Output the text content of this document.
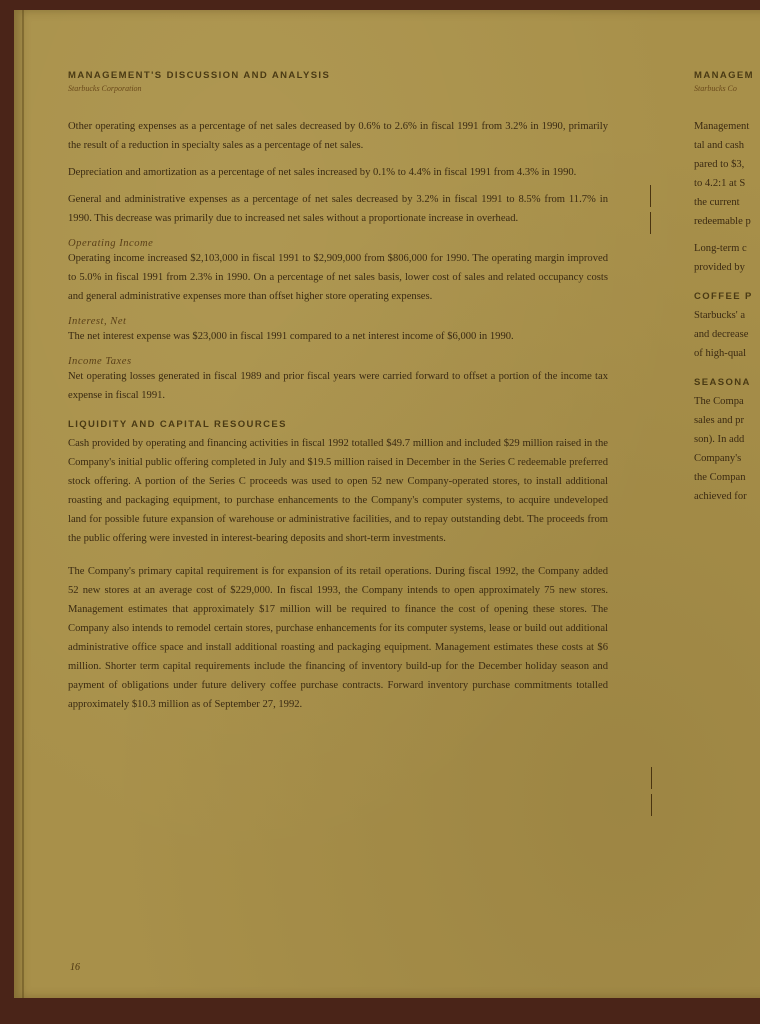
MANAGEMENT'S DISCUSSION AND ANALYSIS
Starbucks Corporation

Other operating expenses as a percentage of net sales decreased by 0.6% to 2.6% in fiscal 1991 from 3.2% in 1990, primarily the result of a reduction in specialty sales as a percentage of net sales.

Depreciation and amortization as a percentage of net sales increased by 0.1% to 4.4% in fiscal 1991 from 4.3% in 1990.

General and administrative expenses as a percentage of net sales decreased by 3.2% in fiscal 1991 to 8.5% from 11.7% in 1990. This decrease was primarily due to increased net sales without a proportionate increase in overhead.

Operating Income

Operating income increased $2,103,000 in fiscal 1991 to $2,909,000 from $806,000 for 1990. The operating margin improved to 5.0% in fiscal 1991 from 2.3% in 1990. On a percentage of net sales basis, lower cost of sales and related occupancy costs and general administrative expenses more than offset higher store operating expenses.

Interest, Net

The net interest expense was $23,000 in fiscal 1991 compared to a net interest income of $6,000 in 1990.

Income Taxes

Net operating losses generated in fiscal 1989 and prior fiscal years were carried forward to offset a portion of the income tax expense in fiscal 1991.

LIQUIDITY AND CAPITAL RESOURCES

Cash provided by operating and financing activities in fiscal 1992 totalled $49.7 million and included $29 million raised in the Company's initial public offering completed in July and $19.5 million raised in December in the Series C redeemable preferred stock offering. A portion of the Series C proceeds was used to open 52 new Company-operated stores, to install additional roasting and packaging equipment, to purchase enhancements to the Company's computer systems, to acquire undeveloped land for possible future expansion of warehouse or administrative facilities, and to repay outstanding debt. The proceeds from the public offering were invested in interest-bearing deposits and short-term investments.

The Company's primary capital requirement is for expansion of its retail operations. During fiscal 1992, the Company added 52 new stores at an average cost of $229,000. In fiscal 1993, the Company intends to open approximately 75 new stores. Management estimates that approximately $17 million will be required to finance the cost of opening these stores. The Company also intends to remodel certain stores, purchase enhancements for its computer systems, lease or build out additional administrative office space and install additional roasting and packaging equipment. Management estimates these costs at $6 million. Shorter term capital requirements include the financing of inventory build-up for the December holiday season and payment of obligations under future delivery coffee purchase contracts. Forward inventory purchase commitments totalled approximately $10.3 million as of September 27, 1992.

16
MANAGEM
Starbucks Co
Management
tal and cash
pared to $3,
to 4.2:1 at S
the current
redeemable p
Long-term c
provided by
COFFEE P
Starbucks' a
and decrease
of high-qual
SEASONA
The Compa
sales and pr
son). In add
Company's
the Compan
achieved for
